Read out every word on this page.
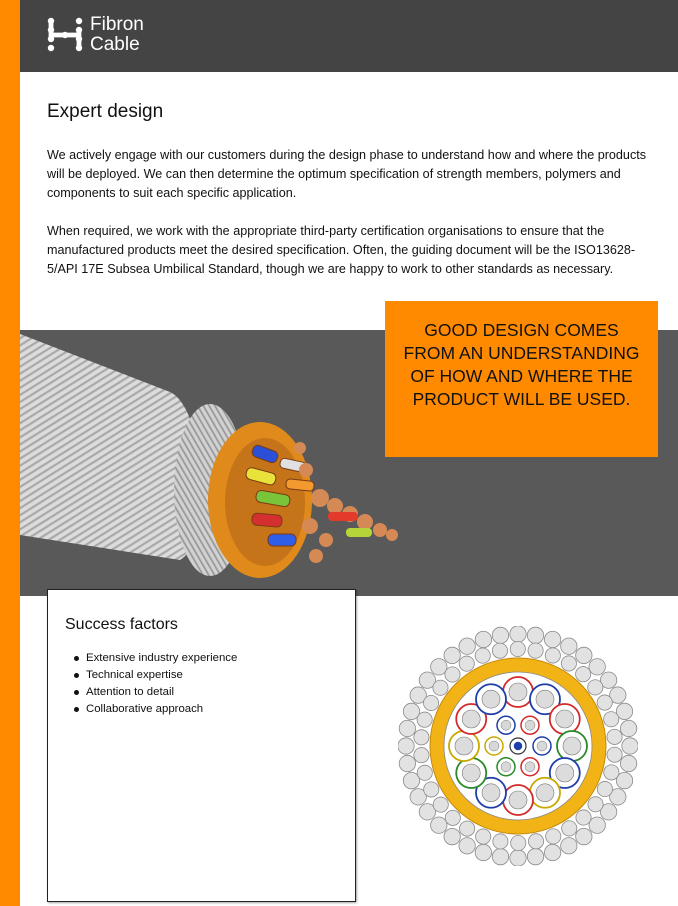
Fibron
Cable
Expert design

We actively engage with our customers during the design phase to understand how and where the products will be deployed. We can then determine the optimum specification of strength members, polymers and components to suit each specific application.

When required, we work with the appropriate third-party certification organisations to ensure that the manufactured products meet the desired specification. Often, the guiding document will be the ISO13628-5/API 17E Subsea Umbilical Standard, though we are happy to work to other standards as necessary.

GOOD DESIGN COMES FROM AN UNDERSTANDING OF HOW AND WHERE THE PRODUCT WILL BE USED.

Success factors
Extensive industry experience
Technical expertise
Attention to detail
Collaborative approach
